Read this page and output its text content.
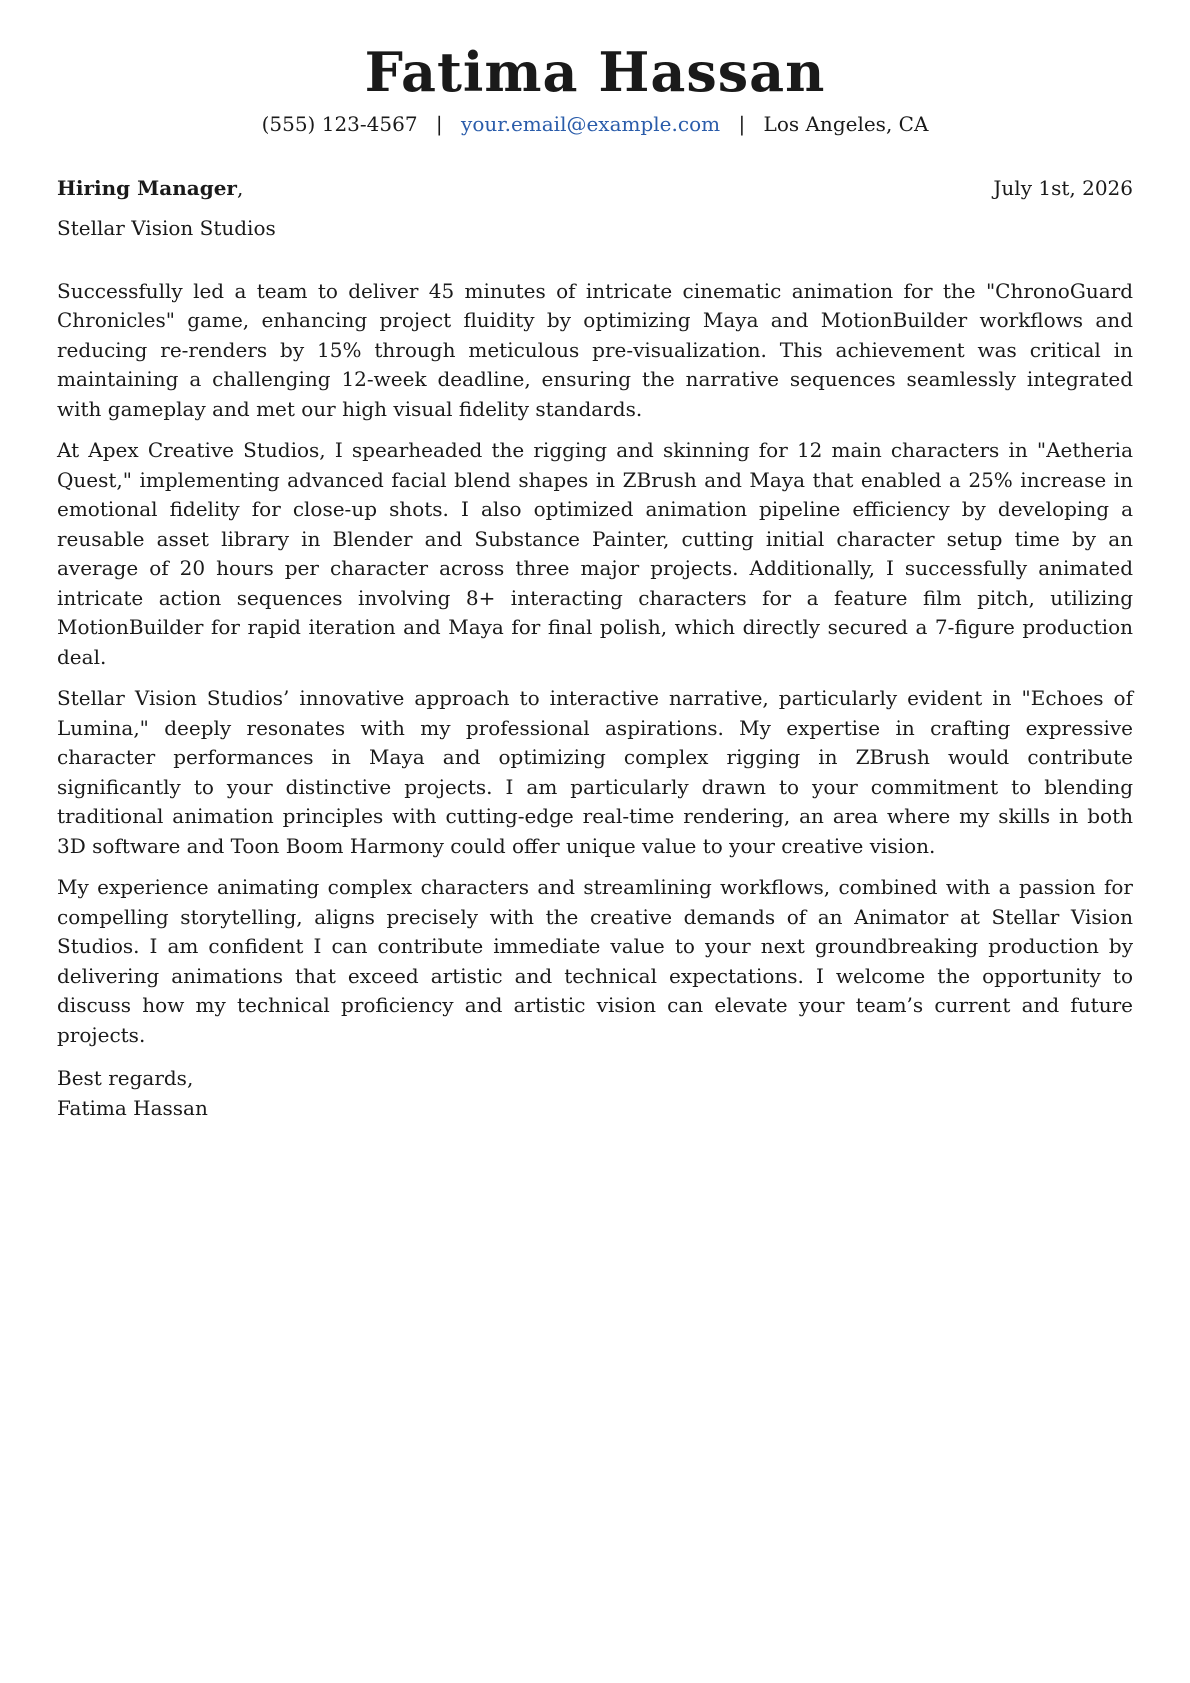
Fatima Hassan
(555) 123-4567 | your.email@example.com | Los Angeles, CA
Hiring Manager,	July 1st, 2026
Stellar Vision Studios

Successfully led a team to deliver 45 minutes of intricate cinematic animation for the "ChronoGuard Chronicles" game, enhancing project fluidity by optimizing Maya and MotionBuilder workflows and reducing re-renders by 15% through meticulous pre-visualization. This achievement was critical in maintaining a challenging 12-week deadline, ensuring the narrative sequences seamlessly integrated with gameplay and met our high visual fidelity standards.

At Apex Creative Studios, I spearheaded the rigging and skinning for 12 main characters in "Aetheria Quest," implementing advanced facial blend shapes in ZBrush and Maya that enabled a 25% increase in emotional fidelity for close-up shots. I also optimized animation pipeline efficiency by developing a reusable asset library in Blender and Substance Painter, cutting initial character setup time by an average of 20 hours per character across three major projects. Additionally, I successfully animated intricate action sequences involving 8+ interacting characters for a feature film pitch, utilizing MotionBuilder for rapid iteration and Maya for final polish, which directly secured a 7-figure production deal.

Stellar Vision Studios’ innovative approach to interactive narrative, particularly evident in "Echoes of Lumina," deeply resonates with my professional aspirations. My expertise in crafting expressive character performances in Maya and optimizing complex rigging in ZBrush would contribute significantly to your distinctive projects. I am particularly drawn to your commitment to blending traditional animation principles with cutting-edge real-time rendering, an area where my skills in both 3D software and Toon Boom Harmony could offer unique value to your creative vision.

My experience animating complex characters and streamlining workflows, combined with a passion for compelling storytelling, aligns precisely with the creative demands of an Animator at Stellar Vision Studios. I am confident I can contribute immediate value to your next groundbreaking production by delivering animations that exceed artistic and technical expectations. I welcome the opportunity to discuss how my technical proficiency and artistic vision can elevate your team’s current and future projects.

Best regards,
Fatima Hassan
